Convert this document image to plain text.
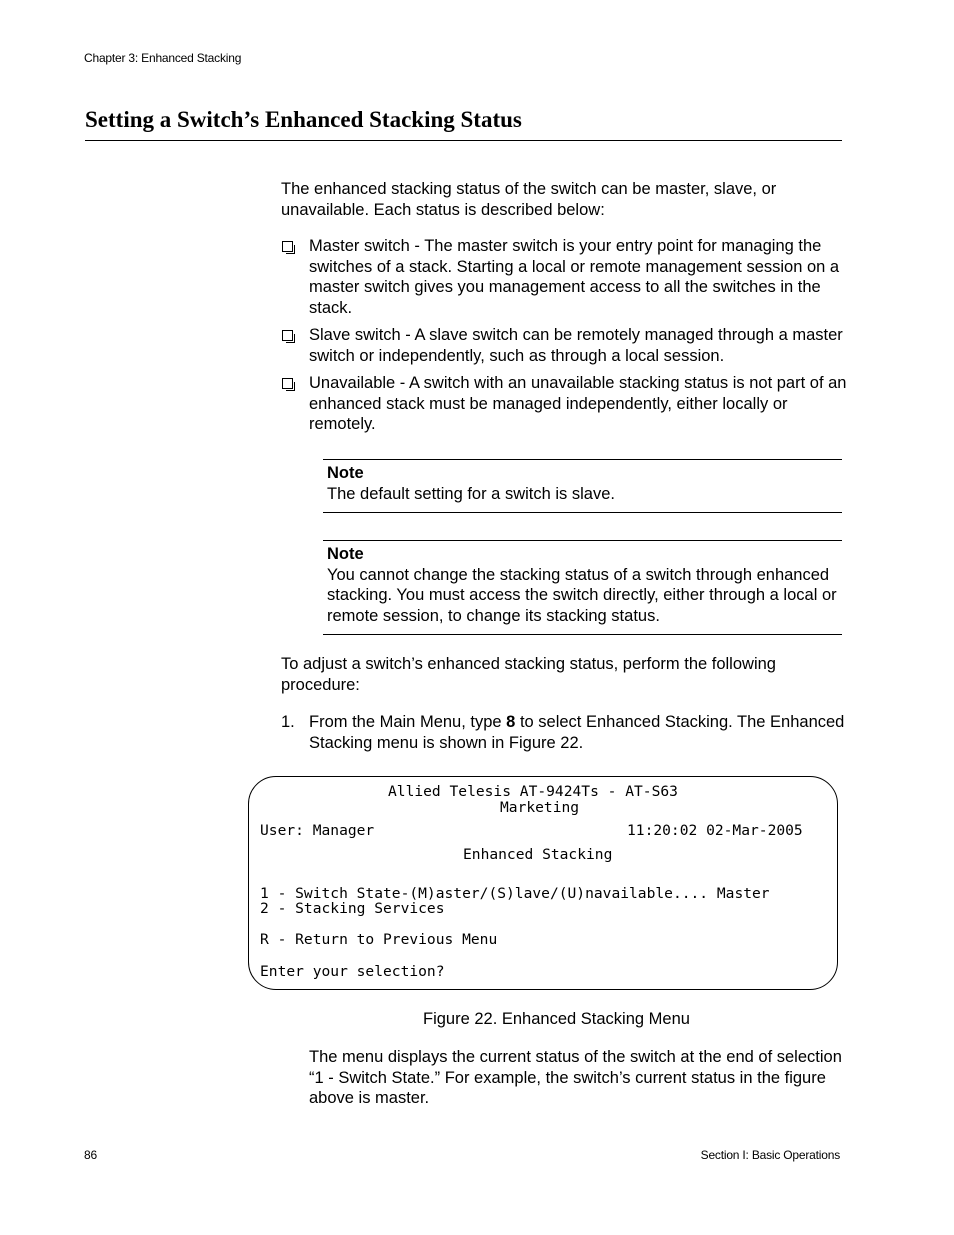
Chapter 3: Enhanced Stacking
Setting a Switch’s Enhanced Stacking Status
The enhanced stacking status of the switch can be master, slave, or unavailable. Each status is described below:
Master switch - The master switch is your entry point for managing the switches of a stack. Starting a local or remote management session on a master switch gives you management access to all the switches in the stack.
Slave switch - A slave switch can be remotely managed through a master switch or independently, such as through a local session.
Unavailable - A switch with an unavailable stacking status is not part of an enhanced stack must be managed independently, either locally or remotely.
Note
The default setting for a switch is slave.
Note
You cannot change the stacking status of a switch through enhanced stacking. You must access the switch directly, either through a local or remote session, to change its stacking status.
To adjust a switch’s enhanced stacking status, perform the following procedure:
1. From the Main Menu, type 8 to select Enhanced Stacking. The Enhanced Stacking menu is shown in Figure 22.
Allied Telesis AT-9424Ts - AT-S63
Marketing
User: Manager	11:20:02 02-Mar-2005
Enhanced Stacking
1 - Switch State-(M)aster/(S)lave/(U)navailable.... Master
2 - Stacking Services
R - Return to Previous Menu
Enter your selection?
Figure 22. Enhanced Stacking Menu
The menu displays the current status of the switch at the end of selection “1 - Switch State.” For example, the switch’s current status in the figure above is master.
86	Section I: Basic Operations
